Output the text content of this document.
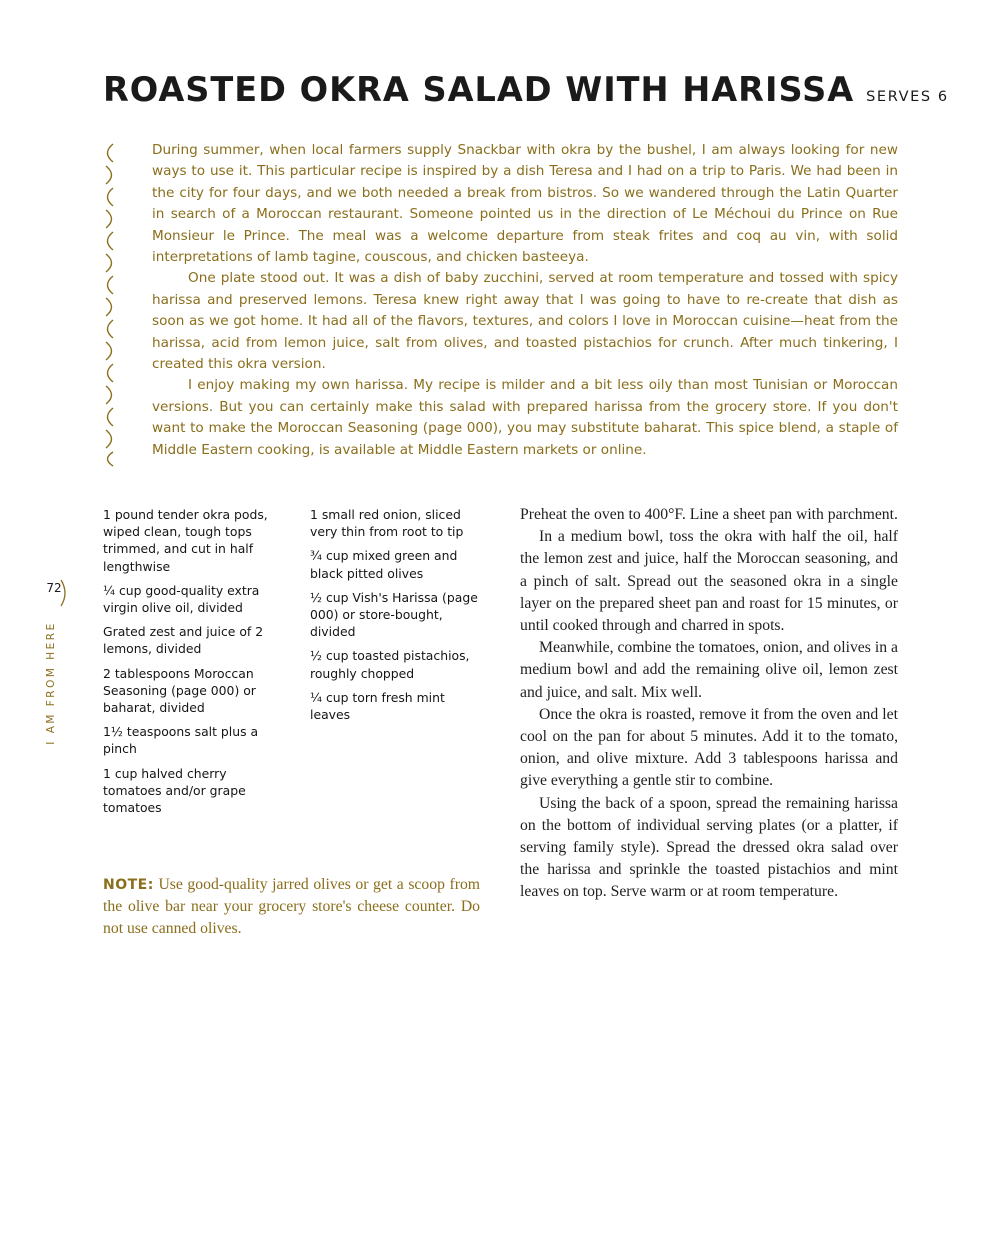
ROASTED OKRA SALAD WITH HARISSA SERVES 6

During summer, when local farmers supply Snackbar with okra by the bushel, I am always looking for new ways to use it. This particular recipe is inspired by a dish Teresa and I had on a trip to Paris. We had been in the city for four days, and we both needed a break from bistros. So we wandered through the Latin Quarter in search of a Moroccan restaurant. Someone pointed us in the direction of Le Méchoui du Prince on Rue Monsieur le Prince. The meal was a welcome departure from steak frites and coq au vin, with solid interpretations of lamb tagine, couscous, and chicken basteeya.

One plate stood out. It was a dish of baby zucchini, served at room temperature and tossed with spicy harissa and preserved lemons. Teresa knew right away that I was going to have to re-create that dish as soon as we got home. It had all of the flavors, textures, and colors I love in Moroccan cuisine—heat from the harissa, acid from lemon juice, salt from olives, and toasted pistachios for crunch. After much tinkering, I created this okra version.

I enjoy making my own harissa. My recipe is milder and a bit less oily than most Tunisian or Moroccan versions. But you can certainly make this salad with prepared harissa from the grocery store. If you don't want to make the Moroccan Seasoning (page 000), you may substitute baharat. This spice blend, a staple of Middle Eastern cooking, is available at Middle Eastern markets or online.

1 pound tender okra pods, wiped clean, tough tops trimmed, and cut in half lengthwise

¼ cup good-quality extra virgin olive oil, divided

Grated zest and juice of 2 lemons, divided

2 tablespoons Moroccan Seasoning (page 000) or baharat, divided

1½ teaspoons salt plus a pinch

1 cup halved cherry tomatoes and/or grape tomatoes

1 small red onion, sliced very thin from root to tip

¾ cup mixed green and black pitted olives

½ cup Vish's Harissa (page 000) or store-bought, divided

½ cup toasted pistachios, roughly chopped

¼ cup torn fresh mint leaves

Preheat the oven to 400°F. Line a sheet pan with parchment.

In a medium bowl, toss the okra with half the oil, half the lemon zest and juice, half the Moroccan seasoning, and a pinch of salt. Spread out the seasoned okra in a single layer on the prepared sheet pan and roast for 15 minutes, or until cooked through and charred in spots.

Meanwhile, combine the tomatoes, onion, and olives in a medium bowl and add the remaining olive oil, lemon zest and juice, and salt. Mix well.

Once the okra is roasted, remove it from the oven and let cool on the pan for about 5 minutes. Add it to the tomato, onion, and olive mixture. Add 3 tablespoons harissa and give everything a gentle stir to combine.

Using the back of a spoon, spread the remaining harissa on the bottom of individual serving plates (or a platter, if serving family style). Spread the dressed okra salad over the harissa and sprinkle the toasted pistachios and mint leaves on top. Serve warm or at room temperature.

NOTE: Use good-quality jarred olives or get a scoop from the olive bar near your grocery store's cheese counter. Do not use canned olives.
72
I AM FROM HERE
